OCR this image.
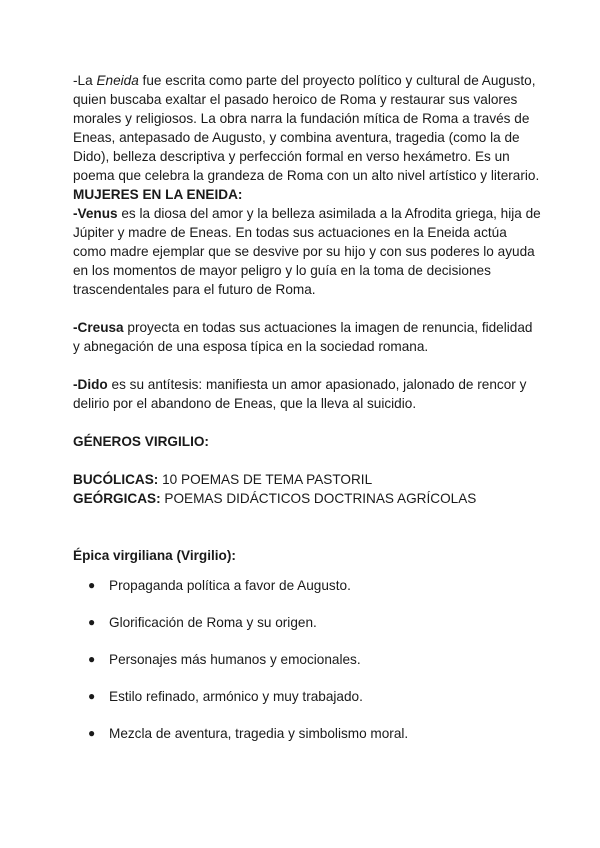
-La Eneida fue escrita como parte del proyecto político y cultural de Augusto, quien buscaba exaltar el pasado heroico de Roma y restaurar sus valores morales y religiosos. La obra narra la fundación mítica de Roma a través de Eneas, antepasado de Augusto, y combina aventura, tragedia (como la de Dido), belleza descriptiva y perfección formal en verso hexámetro. Es un poema que celebra la grandeza de Roma con un alto nivel artístico y literario.

MUJERES EN LA ENEIDA:

-Venus es la diosa del amor y la belleza asimilada a la Afrodita griega, hija de Júpiter y madre de Eneas. En todas sus actuaciones en la Eneida actúa como madre ejemplar que se desvive por su hijo y con sus poderes lo ayuda en los momentos de mayor peligro y lo guía en la toma de decisiones trascendentales para el futuro de Roma.

-Creusa proyecta en todas sus actuaciones la imagen de renuncia, fidelidad y abnegación de una esposa típica en la sociedad romana.

-Dido es su antítesis: manifiesta un amor apasionado, jalonado de rencor y delirio por el abandono de Eneas, que la lleva al suicidio.

GÉNEROS VIRGILIO:

BUCÓLICAS: 10 POEMAS DE TEMA PASTORIL

GEÓRGICAS: POEMAS DIDÁCTICOS DOCTRINAS AGRÍCOLAS

Épica virgiliana (Virgilio):

● Propaganda política a favor de Augusto.
● Glorificación de Roma y su origen.
● Personajes más humanos y emocionales.
● Estilo refinado, armónico y muy trabajado.
● Mezcla de aventura, tragedia y simbolismo moral.
